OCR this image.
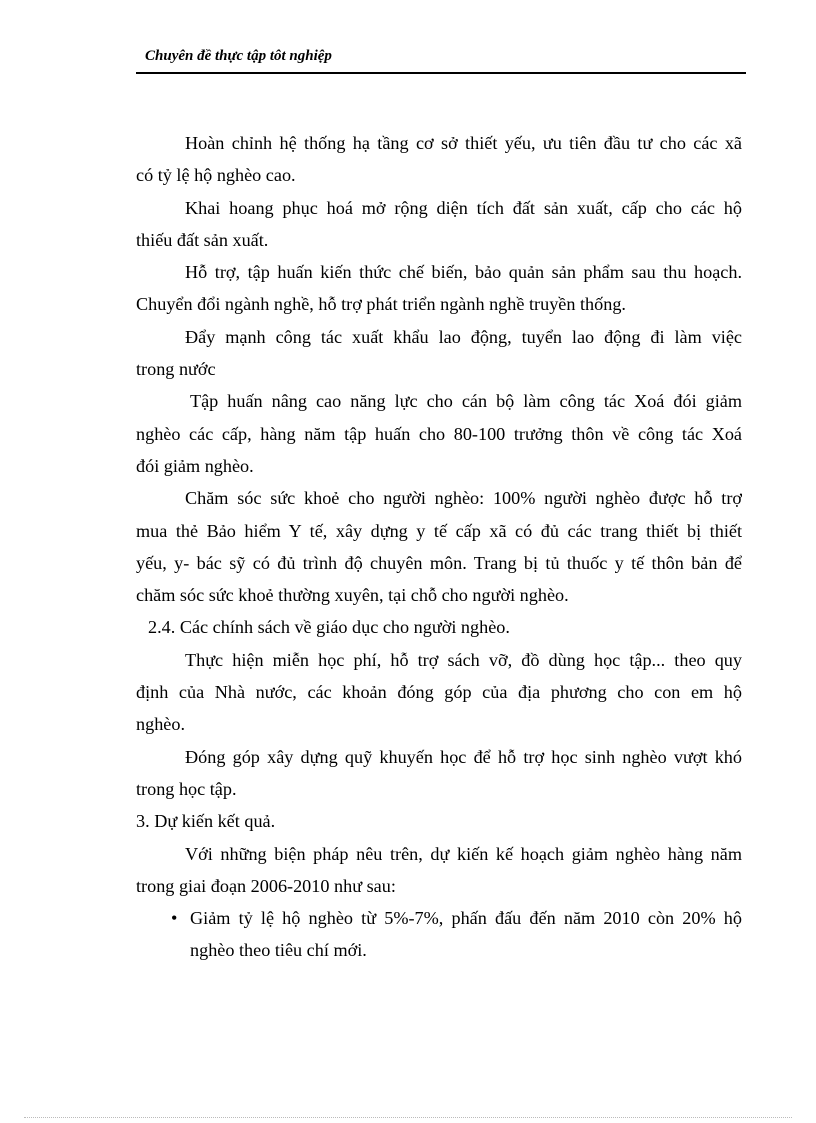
Chuyên đề thực tập tôt nghiệp
Hoàn chỉnh hệ thống hạ tầng cơ sở thiết yếu, ưu tiên đầu tư cho các xã
có tỷ lệ hộ nghèo cao.
Khai hoang phục hoá mở rộng diện tích đất sản xuất, cấp cho các hộ
thiếu đất sản xuất.
Hỗ trợ, tập huấn kiến thức chế biến, bảo quản sản phẩm sau thu hoạch.
Chuyển đổi ngành nghề, hỗ trợ phát triển ngành nghề truyền thống.
Đẩy mạnh công tác xuất khẩu lao động, tuyển lao động đi làm việc
trong nước
Tập huấn nâng cao năng lực cho cán bộ làm công tác Xoá đói giảm
nghèo các cấp, hàng năm tập huấn cho 80-100 trưởng thôn về công tác Xoá
đói giảm nghèo.
Chăm sóc sức khoẻ cho người nghèo: 100% người nghèo được hỗ trợ
mua thẻ Bảo hiểm Y tế, xây dựng y tế cấp xã có đủ các trang thiết bị thiết
yếu, y- bác sỹ có đủ trình độ chuyên môn. Trang bị tủ thuốc y tế thôn bản để
chăm sóc sức khoẻ thường xuyên, tại chỗ cho người nghèo.
2.4. Các chính sách về giáo dục cho người nghèo.
Thực hiện miễn học phí, hỗ trợ sách vỡ, đồ dùng học tập... theo quy
định của Nhà nước, các khoản đóng góp của địa phương cho con em hộ
nghèo.
Đóng góp xây dựng quỹ khuyến học để hỗ trợ học sinh nghèo vượt khó
trong học tập.
3. Dự kiến kết quả.
Với những biện pháp nêu trên, dự kiến kế hoạch giảm nghèo hàng năm
trong giai đoạn 2006-2010 như sau:
• Giảm tỷ lệ hộ nghèo từ 5%-7%, phấn đấu đến năm 2010 còn 20% hộ
nghèo theo tiêu chí mới.
